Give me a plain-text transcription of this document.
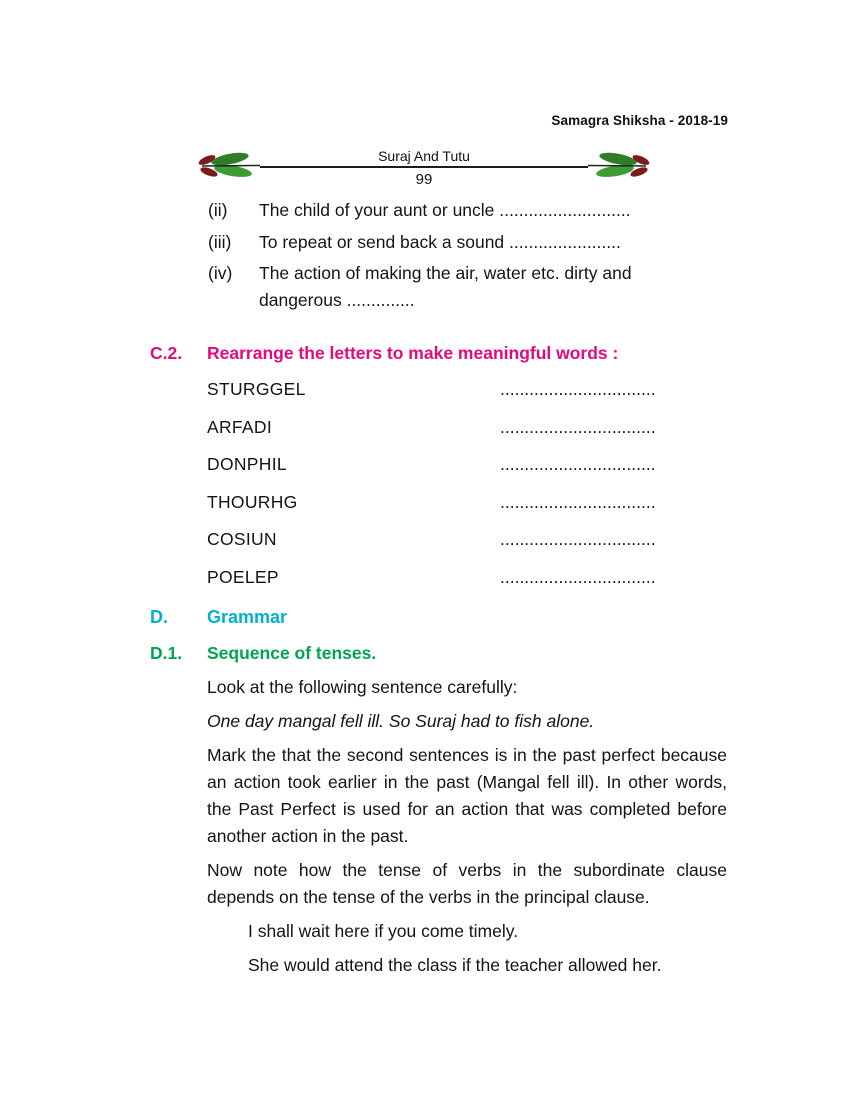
Samagra Shiksha - 2018-19
Suraj And Tutu
99
(ii)	The child of your aunt or uncle ...........................
(iii)	To repeat or send back a sound .......................
(iv)	The action of making the air, water etc. dirty and dangerous ..............
C.2.	Rearrange the letters to make meaningful words :
STURGGEL	................................
ARFADI	................................
DONPHIL	................................
THOURHG	................................
COSIUN	................................
POELEP	................................
D.	Grammar
D.1.	Sequence of tenses.

Look at the following sentence carefully:

One day mangal fell ill. So Suraj had to fish alone.

Mark the that the second sentences is in the past perfect because an action took earlier in the past (Mangal fell ill). In other words, the Past Perfect is used for an action that was completed before another action in the past.

Now note how the tense of verbs in the subordinate clause depends on the tense of the verbs in the principal clause.

I shall wait here if you come timely.

She would attend the class if the teacher allowed her.
